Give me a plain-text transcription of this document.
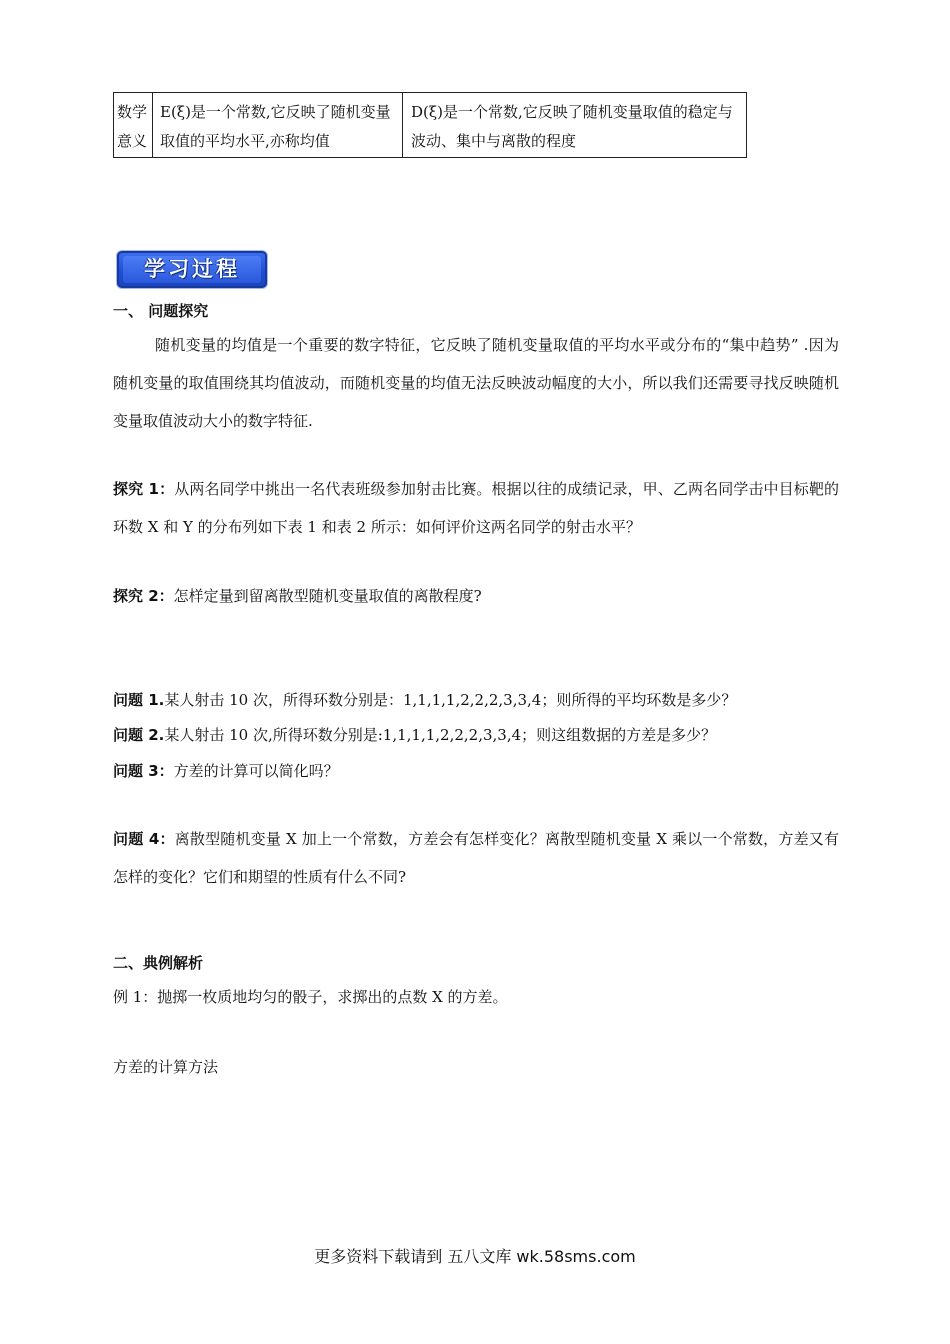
数学意义	E(ξ)是一个常数,它反映了随机变量取值的平均水平,亦称均值	D(ξ)是一个常数,它反映了随机变量取值的稳定与波动、集中与离散的程度
学习过程
一、 问题探究
随机变量的均值是一个重要的数字特征，它反映了随机变量取值的平均水平或分布的“集中趋势” .因为随机变量的取值围绕其均值波动，而随机变量的均值无法反映波动幅度的大小，所以我们还需要寻找反映随机变量取值波动大小的数字特征.
探究 1：从两名同学中挑出一名代表班级参加射击比赛。根据以往的成绩记录，甲、乙两名同学击中目标靶的环数 X 和 Y 的分布列如下表 1 和表 2 所示：如何评价这两名同学的射击水平？
探究 2：怎样定量到留离散型随机变量取值的离散程度?
问题 1.某人射击 10 次，所得环数分别是：1,1,1,1,2,2,2,3,3,4；则所得的平均环数是多少？
问题 2.某人射击 10 次,所得环数分别是:1,1,1,1,2,2,2,3,3,4；则这组数据的方差是多少？
问题 3：方差的计算可以简化吗？
问题 4：离散型随机变量 X 加上一个常数，方差会有怎样变化？离散型随机变量 X 乘以一个常数，方差又有怎样的变化？它们和期望的性质有什么不同?
二、典例解析
例 1：抛掷一枚质地均匀的骰子，求掷出的点数 X 的方差。
方差的计算方法
更多资料下载请到 五八文库 wk.58sms.com
